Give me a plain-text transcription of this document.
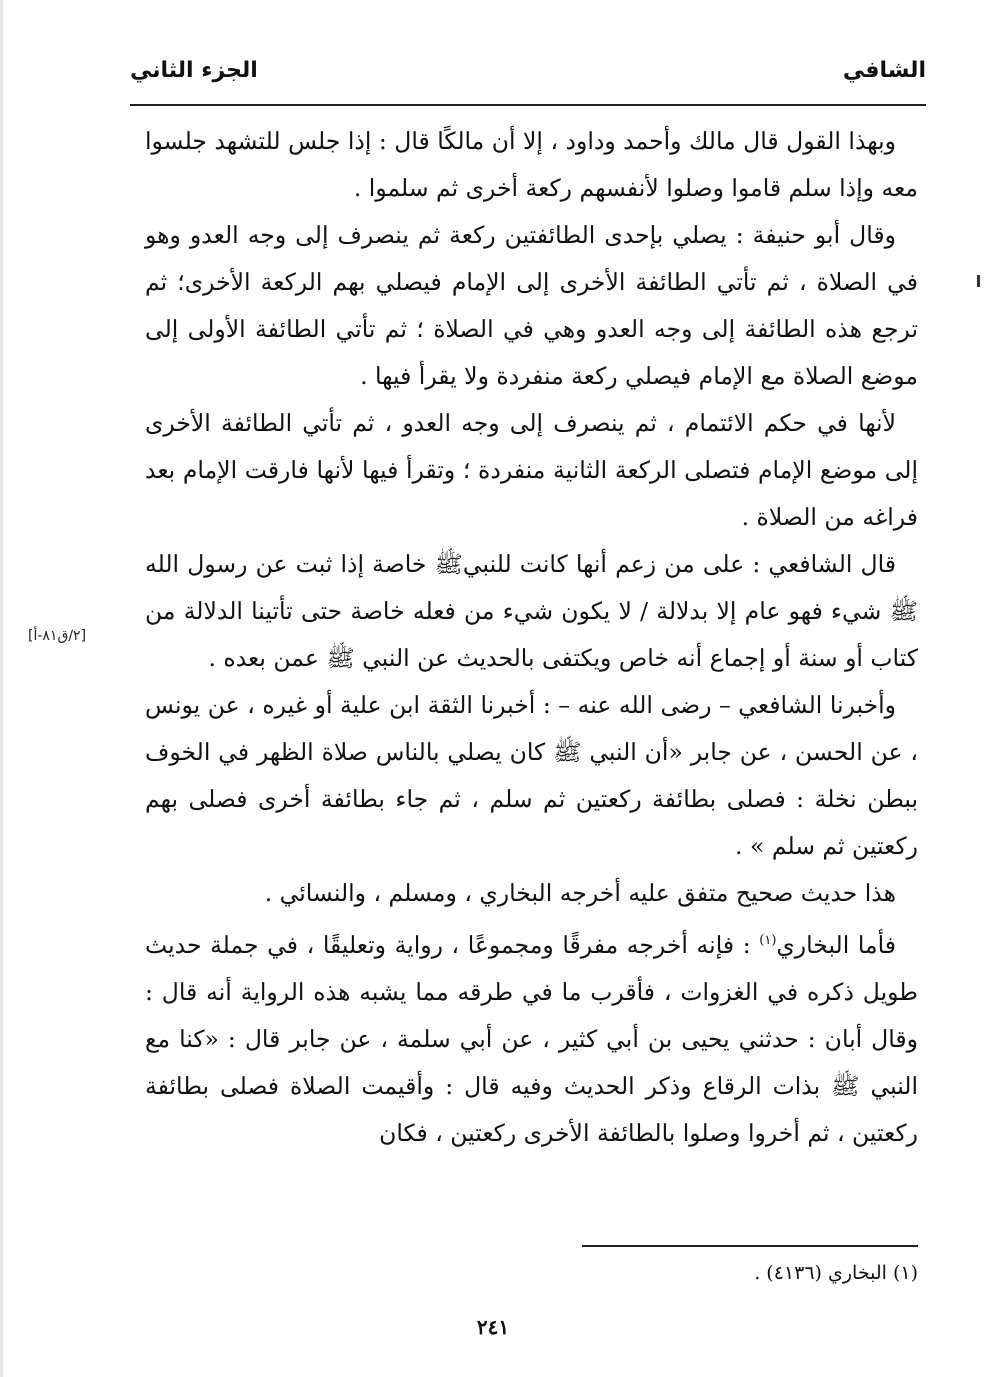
الشافي
الجزء الثاني
[٢/ق٨١-أ]

وبهذا القول قال مالك وأحمد وداود ، إلا أن مالكًا قال : إذا جلس للتشهد جلسوا معه وإذا سلم قاموا وصلوا لأنفسهم ركعة أخرى ثم سلموا .

وقال أبو حنيفة : يصلي بإحدى الطائفتين ركعة ثم ينصرف إلى وجه العدو وهو في الصلاة ، ثم تأتي الطائفة الأخرى إلى الإمام فيصلي بهم الركعة الأخرى؛ ثم ترجع هذه الطائفة إلى وجه العدو وهي في الصلاة ؛ ثم تأتي الطائفة الأولى إلى موضع الصلاة مع الإمام فيصلي ركعة منفردة ولا يقرأ فيها .

لأنها في حكم الائتمام ، ثم ينصرف إلى وجه العدو ، ثم تأتي الطائفة الأخرى إلى موضع الإمام فتصلى الركعة الثانية منفردة ؛ وتقرأ فيها لأنها فارقت الإمام بعد فراغه من الصلاة .

قال الشافعي : على من زعم أنها كانت للنبيﷺ خاصة إذا ثبت عن رسول الله ﷺ شيء فهو عام إلا بدلالة / لا يكون شيء من فعله خاصة حتى تأتينا الدلالة من كتاب أو سنة أو إجماع أنه خاص ويكتفى بالحديث عن النبي ﷺ عمن بعده .

وأخبرنا الشافعي – رضى الله عنه – : أخبرنا الثقة ابن علية أو غيره ، عن يونس ، عن الحسن ، عن جابر «أن النبي ﷺ كان يصلي بالناس صلاة الظهر في الخوف ببطن نخلة : فصلى بطائفة ركعتين ثم سلم ، ثم جاء بطائفة أخرى فصلى بهم ركعتين ثم سلم » .

هذا حديث صحيح متفق عليه أخرجه البخاري ، ومسلم ، والنسائي .

فأما البخاري$^{(١)}$ : فإنه أخرجه مفرقًا ومجموعًا ، رواية وتعليقًا ، في جملة حديث طويل ذكره في الغزوات ، فأقرب ما في طرقه مما يشبه هذه الرواية أنه قال : وقال أبان : حدثني يحيى بن أبي كثير ، عن أبي سلمة ، عن جابر قال : «كنا مع النبي ﷺ بذات الرقاع وذكر الحديث وفيه قال : وأقيمت الصلاة فصلى بطائفة ركعتين ، ثم أخروا وصلوا بالطائفة الأخرى ركعتين ، فكان

(١) البخاري (٤١٣٦) .
٢٤١
